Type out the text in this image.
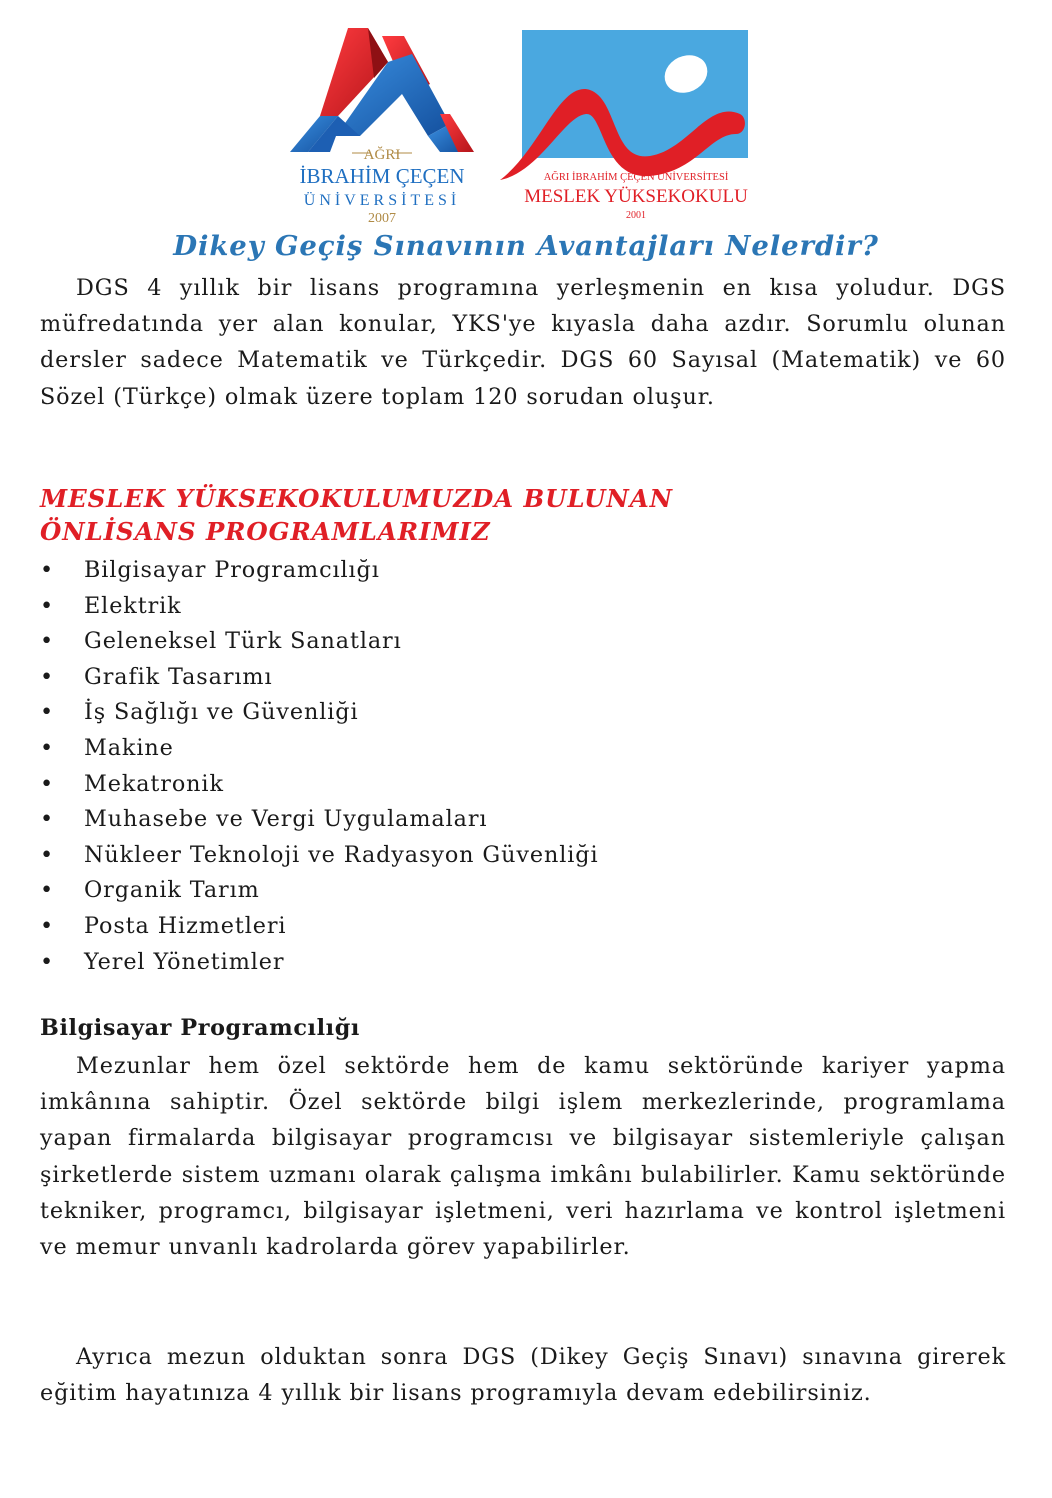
AĞRI
İBRAHİM ÇEÇEN
ÜNİVERSİTESİ
2007
AĞRI İBRAHİM ÇEÇEN ÜNİVERSİTESİ
MESLEK YÜKSEKOKULU
2001
Dikey Geçiş Sınavının Avantajları Nelerdir?

DGS 4 yıllık bir lisans programına yerleşmenin en kısa yoludur. DGS müfredatında yer alan konular, YKS'ye kıyasla daha azdır. Sorumlu olunan dersler sadece Matematik ve Türkçedir. DGS 60 Sayısal (Matematik) ve 60 Sözel (Türkçe) olmak üzere toplam 120 sorudan oluşur.

MESLEK YÜKSEKOKULUMUZDA BULUNAN
ÖNLİSANS PROGRAMLARIMIZ
• Bilgisayar Programcılığı
• Elektrik
• Geleneksel Türk Sanatları
• Grafik Tasarımı
• İş Sağlığı ve Güvenliği
• Makine
• Mekatronik
• Muhasebe ve Vergi Uygulamaları
• Nükleer Teknoloji ve Radyasyon Güvenliği
• Organik Tarım
• Posta Hizmetleri
• Yerel Yönetimler
Bilgisayar Programcılığı

Mezunlar hem özel sektörde hem de kamu sektöründe kariyer yapma imkânına sahiptir. Özel sektörde bilgi işlem merkezlerinde, programlama yapan firmalarda bilgisayar programcısı ve bilgisayar sistemleriyle çalışan şirketlerde sistem uzmanı olarak çalışma imkânı bulabilirler. Kamu sektöründe tekniker, programcı, bilgisayar işletmeni, veri hazırlama ve kontrol işletmeni ve memur unvanlı kadrolarda görev yapabilirler.

Ayrıca mezun olduktan sonra DGS (Dikey Geçiş Sınavı) sınavına girerek eğitim hayatınıza 4 yıllık bir lisans programıyla devam edebilirsiniz.
